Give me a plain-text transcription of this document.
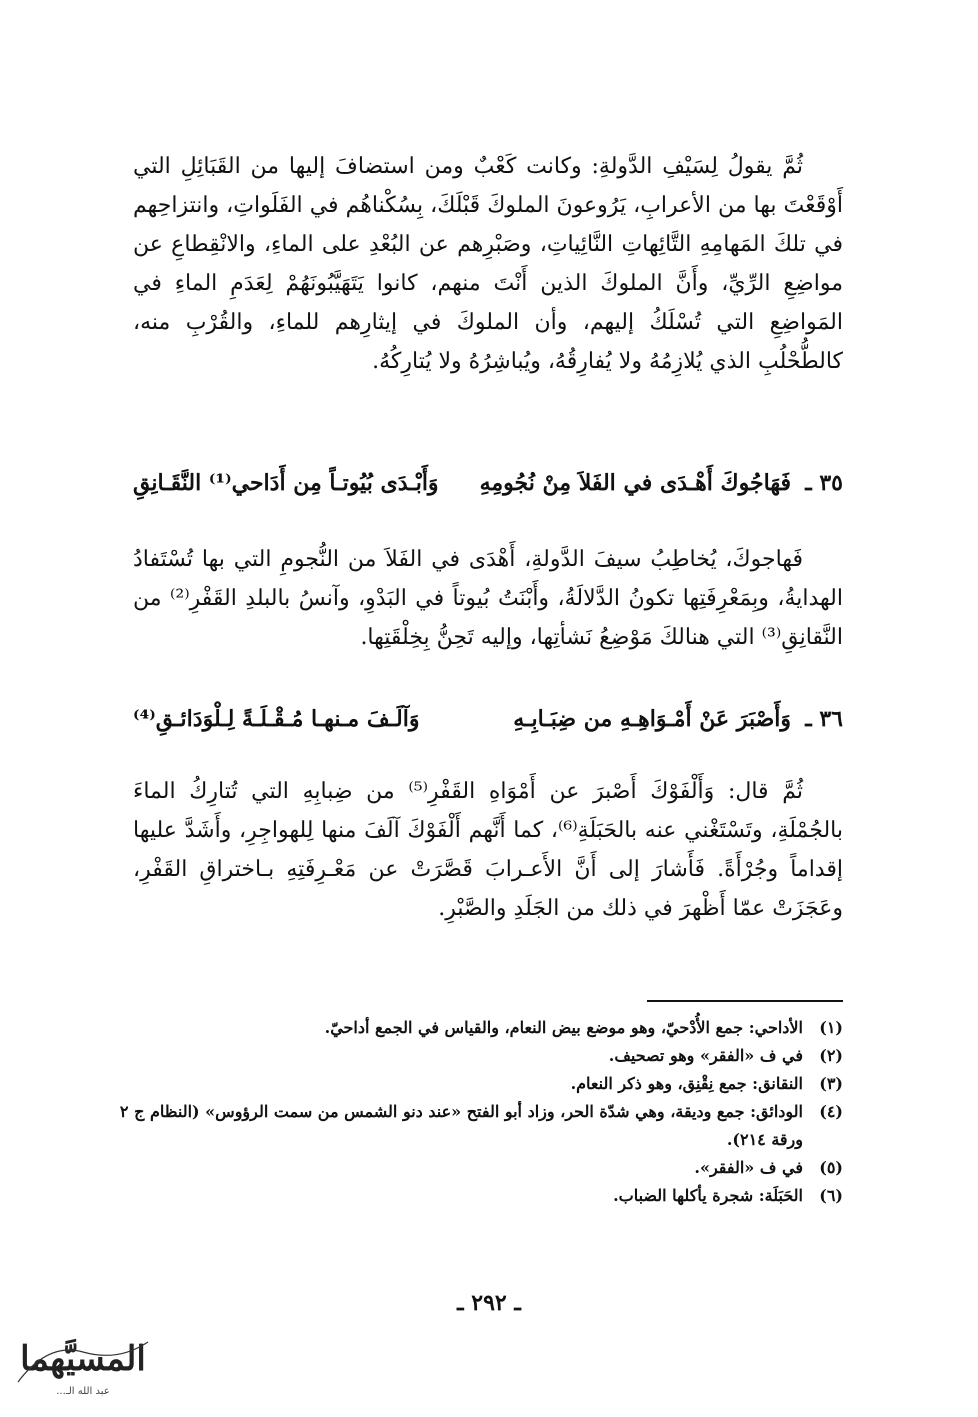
ثُمَّ يقولُ لِسَيْفِ الدَّولةِ: وكانت كَعْبٌ ومن استضافَ إليها من القَبَائِلِ التي أَوْقَعْتَ بها من الأعرابِ، يَرُوعونَ الملوكَ قَبْلَكَ، بِسُكْناهُم في الفَلَواتِ، وانتزاحِهم في تلكَ المَهامِهِ التَّائِهاتِ النَّائِياتِ، وصَبْرِهم عن البُعْدِ على الماءِ، والانْقِطاعِ عن مواضِعِ الرِّيِّ، وأَنَّ الملوكَ الذين أَنْتَ منهم، كانوا يَتَهَيَّبُونَهُمْ لِعَدَمِ الماءِ في المَواضِعِ التي تُسْلَكُ إليهم، وأن الملوكَ في إيثارِهم للماءِ، والقُرْبِ منه، كالطُّحْلُبِ الذي يُلازِمُهُ ولا يُفارِقُهُ، ويُباشِرُهُ ولا يُتارِكُهُ.

٣٥ ـ
فَهَاجُوكَ أَهْـدَى في الفَلاَ مِنْ نُجُومِهِ
وَأَبْـدَى بُيُوتـاً مِن أَدَاحي⁽¹⁾ النَّقَـانِقِ

فَهاجوكَ، يُخاطِبُ سيفَ الدَّولةِ، أَهْدَى في الفَلاَ من النُّجومِ التي بها تُسْتَفادُ الهدايةُ، وبِمَعْرِفَتِها تكونُ الدَّلالَةُ، وأَبْنَتُ بُيوتاً في البَدْوِ، وآنسُ بالبلدِ القَفْرِ⁽²⁾ من النَّقانِقِ⁽³⁾ التي هنالكَ مَوْضِعُ نَشأتِها، وإليه تَحِنُّ بِخِلْقَتِها.

٣٦ ـ
وَأَصْبَرَ عَنْ أَمْـوَاهِـهِ من ضِبَـابِـهِ
وَآلَـفَ مـنهـا مُـقْـلَـةً لِـلْوَدَائـقِ⁽⁴⁾

ثُمَّ قال: وَأَلْفَوْكَ أَصْبرَ عن أَمْوَاهِ القَفْرِ⁽⁵⁾ من ضِبابِهِ التي تُتارِكُ الماءَ بالجُمْلَةِ، وتَسْتَغْني عنه بالحَبَلَةِ⁽⁶⁾، كما أَنَّهم أَلْفَوْكَ آلَفَ منها لِلهواجِرِ، وأَشَدَّ عليها إقداماً وجُرْأَةً. فَأَشارَ إلى أَنَّ الأَعـرابَ قَصَّرَتْ عن مَعْـرِفَتِهِ بـاختراقِ القَفْرِ، وعَجَزَتْ عمّا أَظْهرَ في ذلك من الجَلَدِ والصَّبْرِ.

(١)
الأداحي: جمع الأُدْحيّ، وهو موضع بيض النعام، والقياس في الجمع أداحيّ.
(٢)
في ف «الفقر» وهو تصحيف.
(٣)
النقانق: جمع نِقْنِق، وهو ذكر النعام.
(٤)
الودائق: جمع وديقة، وهي شدّة الحر، وزاد أبو الفتح «عند دنو الشمس من سمت الرؤوس» (النظام ج ٢ ورقة ٢١٤).
(٥)
في ف «الفقر».
(٦)
الحَبَلَة: شجرة يأكلها الضباب.
ـ ٢٩٢ ـ
المسيَّهما
عبد الله الـ...
